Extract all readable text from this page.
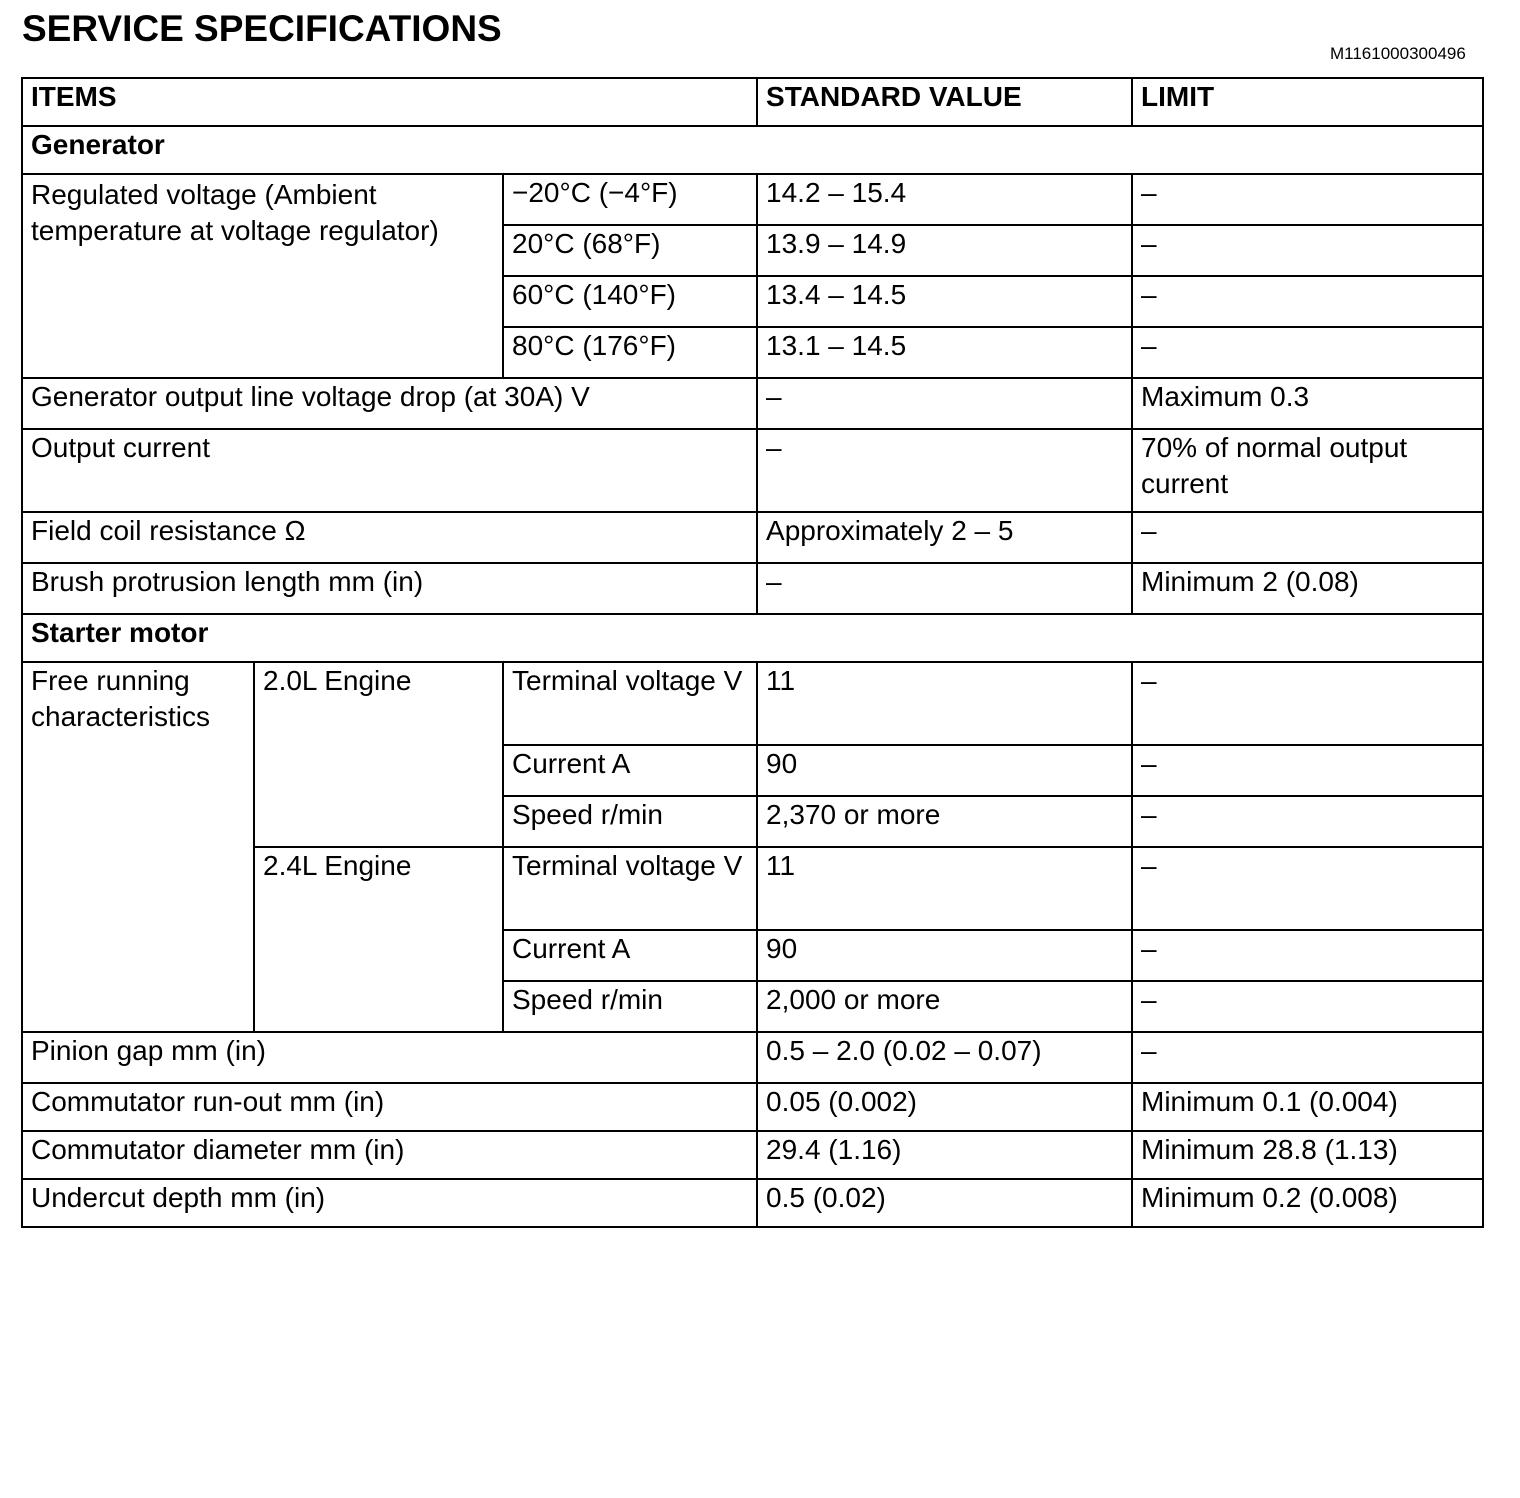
SERVICE SPECIFICATIONS
M1161000300496
ITEMS			STANDARD VALUE	LIMIT
Generator				
Regulated voltage (Ambient temperature at voltage regulator)		−20°C (−4°F)	14.2 – 15.4	–
		20°C (68°F)	13.9 – 14.9	–
		60°C (140°F)	13.4 – 14.5	–
		80°C (176°F)	13.1 – 14.5	–
Generator output line voltage drop (at 30A) V			–	Maximum 0.3
Output current			–	70% of normal output current
Field coil resistance Ω			Approximately 2 – 5	–
Brush protrusion length mm (in)			–	Minimum 2 (0.08)
Starter motor				
Free running characteristics	2.0L Engine	Terminal voltage V	11	–
		Current A	90	–
		Speed r/min	2,370 or more	–
	2.4L Engine	Terminal voltage V	11	–
		Current A	90	–
		Speed r/min	2,000 or more	–
Pinion gap mm (in)			0.5 – 2.0 (0.02 – 0.07)	–
Commutator run-out mm (in)			0.05 (0.002)	Minimum 0.1 (0.004)
Commutator diameter mm (in)			29.4 (1.16)	Minimum 28.8 (1.13)
Undercut depth mm (in)			0.5 (0.02)	Minimum 0.2 (0.008)
